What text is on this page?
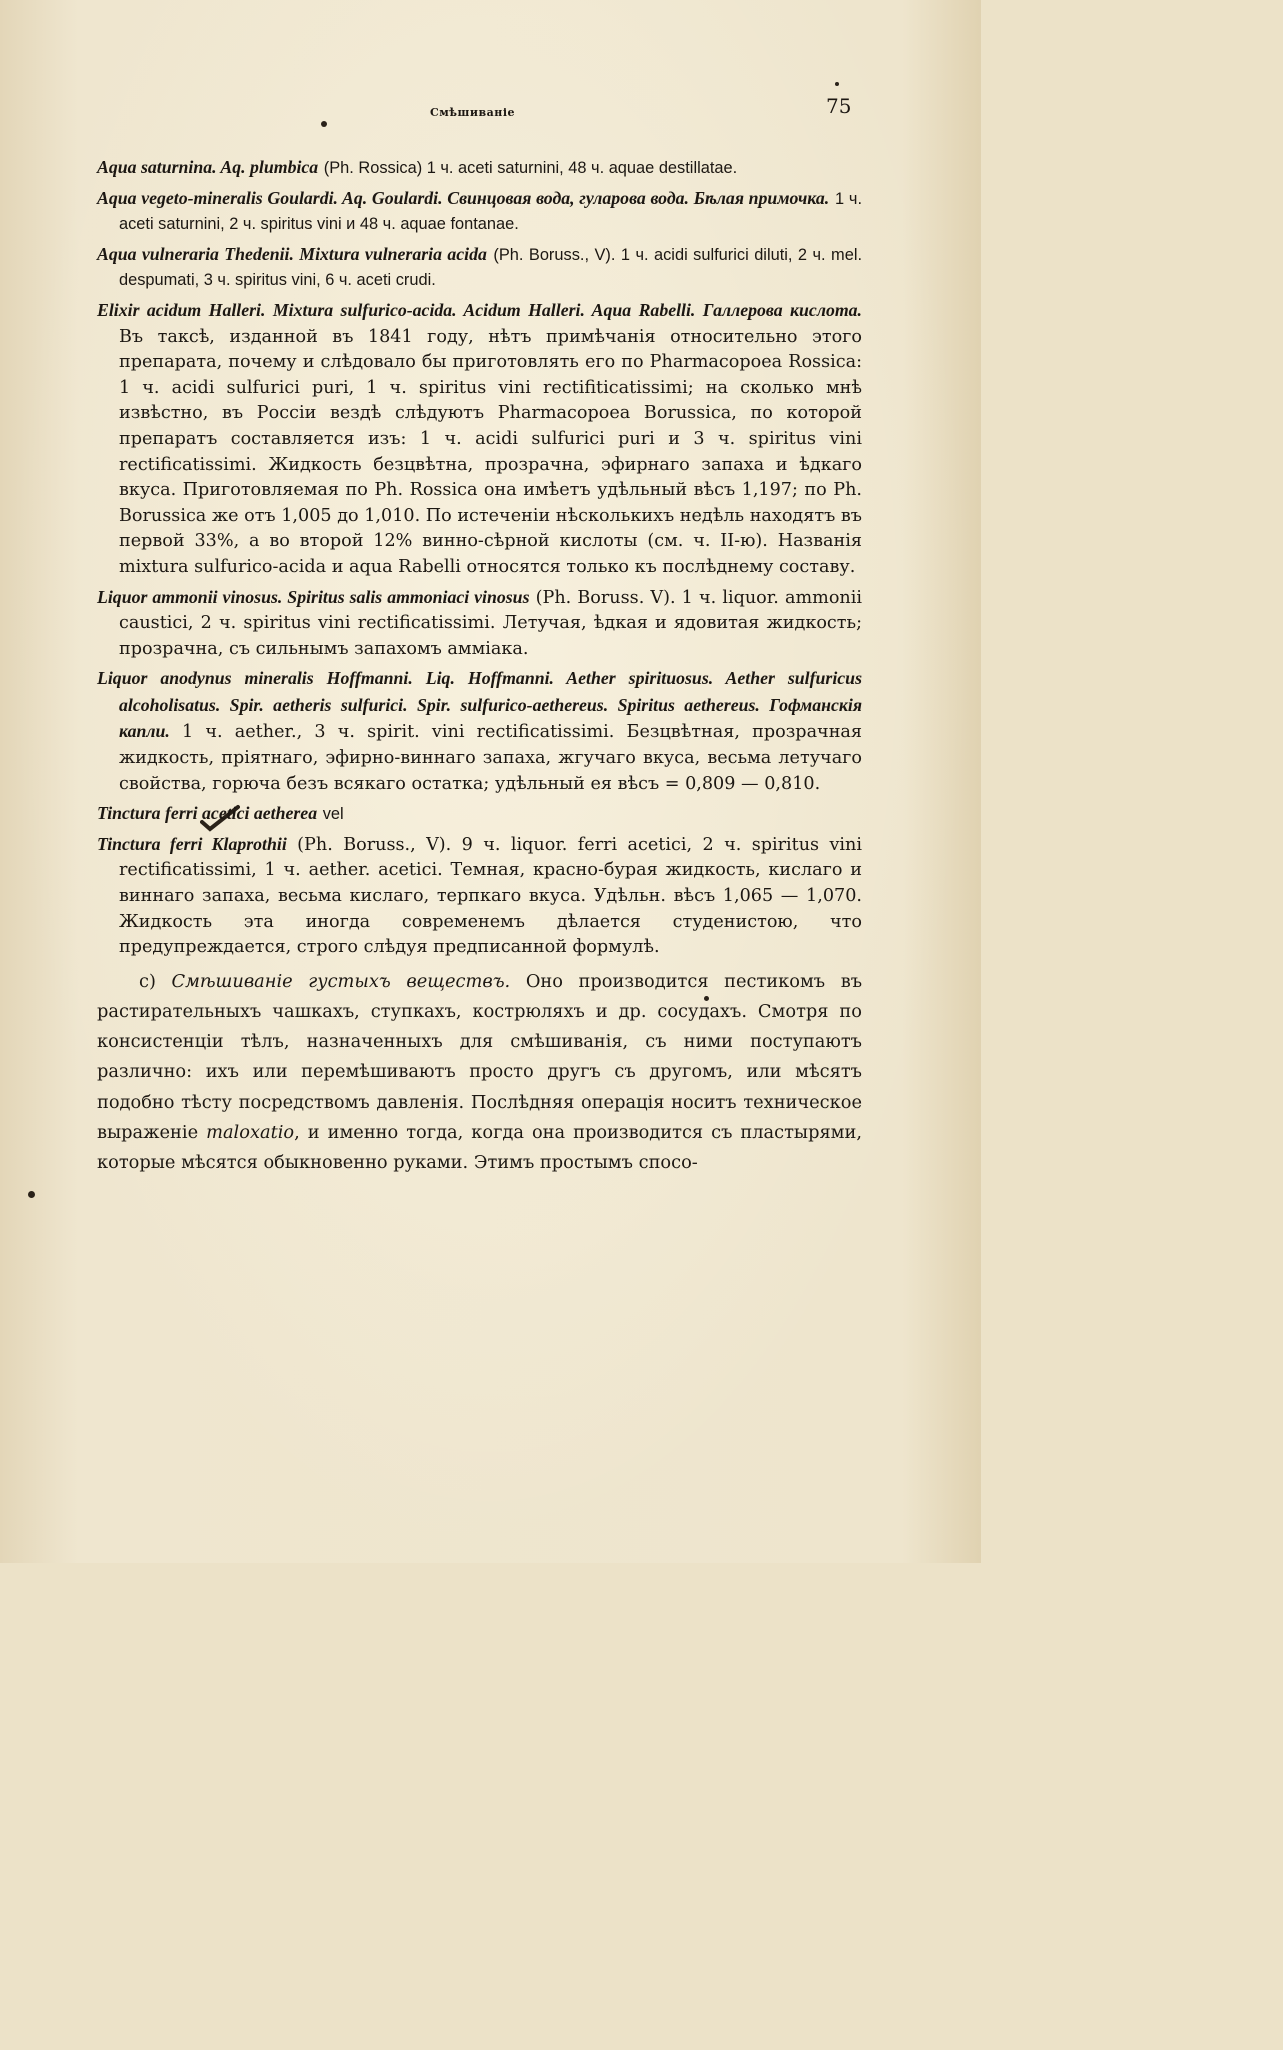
Смѣшиваніе	75

Aqua saturnina. Aq. plumbica (Ph. Rossica) 1 ч. aceti saturnini, 48 ч. aquae destillatae.

Aqua vegeto-mineralis Goulardi. Aq. Goulardi. Свинцовая вода, гуларова вода. Бѣлая примочка. 1 ч. aceti saturnini, 2 ч. spiritus vini и 48 ч. aquae fontanae.

Aqua vulneraria Thedenii. Mixtura vulneraria acida (Ph. Boruss., V). 1 ч. acidi sulfurici diluti, 2 ч. mel. despumati, 3 ч. spiritus vini, 6 ч. aceti crudi.

Elixir acidum Halleri. Mixtura sulfurico-acida. Acidum Halleri. Aqua Rabelli. Галлерова кислота. Въ таксѣ, изданной въ 1841 году, нѣтъ примѣчанія относительно этого препарата, почему и слѣдовало бы приготовлять его по Pharmacopoea Rossica: 1 ч. acidi sulfurici puri, 1 ч. spiritus vini rectifiticatissimi; на сколько мнѣ извѣстно, въ Россіи вездѣ слѣдуютъ Pharmacopoea Borussica, по которой препаратъ составляется изъ: 1 ч. acidi sulfurici puri и 3 ч. spiritus vini rectificatissimi. Жидкость безцвѣтна, прозрачна, эфирнаго запаха и ѣдкаго вкуса. Приготовляемая по Ph. Rossica она имѣетъ удѣльный вѣсъ 1,197; по Ph. Borussica же отъ 1,005 до 1,010. По истеченіи нѣсколькихъ недѣль находятъ въ первой 33%, а во второй 12% винно-сѣрной кислоты (см. ч. II-ю). Названія mixtura sulfurico-acida и aqua Rabelli относятся только къ послѣднему составу.

Liquor ammonii vinosus. Spiritus salis ammoniaci vinosus (Ph. Boruss. V). 1 ч. liquor. ammonii caustici, 2 ч. spiritus vini rectificatissimi. Летучая, ѣдкая и ядовитая жидкость; прозрачна, съ сильнымъ запахомъ аммiака.

Liquor anodynus mineralis Hoffmanni. Liq. Hoffmanni. Aether spirituosus. Aether sulfuricus alcoholisatus. Spir. aetheris sulfurici. Spir. sulfurico-aethereus. Spiritus aethereus. Гофманскія капли. 1 ч. aether., 3 ч. spirit. vini rectificatissimi. Безцвѣтная, прозрачная жидкость, пріятнаго, эфирно-виннаго запаха, жгучаго вкуса, весьма летучаго свойства, горюча безъ всякаго остатка; удѣльный ея вѣсъ = 0,809 — 0,810.

Tinctura ferri acetici aetherea vel

Tinctura ferri Klaprothii (Ph. Boruss., V). 9 ч. liquor. ferri acetici, 2 ч. spiritus vini rectificatissimi, 1 ч. aether. acetici. Темная, красно-бурая жидкость, кислаго и виннаго запаха, весьма кислаго, терпкаго вкуса. Удѣльн. вѣсъ 1,065 — 1,070. Жидкость эта иногда современемъ дѣлается студенистою, что предупреждается, строго слѣдуя предписанной формулѣ.

с) Смѣшиваніе густыхъ веществъ. Оно производится пестикомъ въ растирательныхъ чашкахъ, ступкахъ, кострюляхъ и др. сосудахъ. Смотря по консистенціи тѣлъ, назначенныхъ для смѣшиванія, съ ними поступаютъ различно: ихъ или перемѣшиваютъ просто другъ съ другомъ, или мѣсятъ подобно тѣсту посредствомъ давленія. Послѣдняя операція носитъ техническое выраженіе maloxatio, и именно тогда, когда она производится съ пластырями, которые мѣсятся обыкновенно руками. Этимъ простымъ спосо-
